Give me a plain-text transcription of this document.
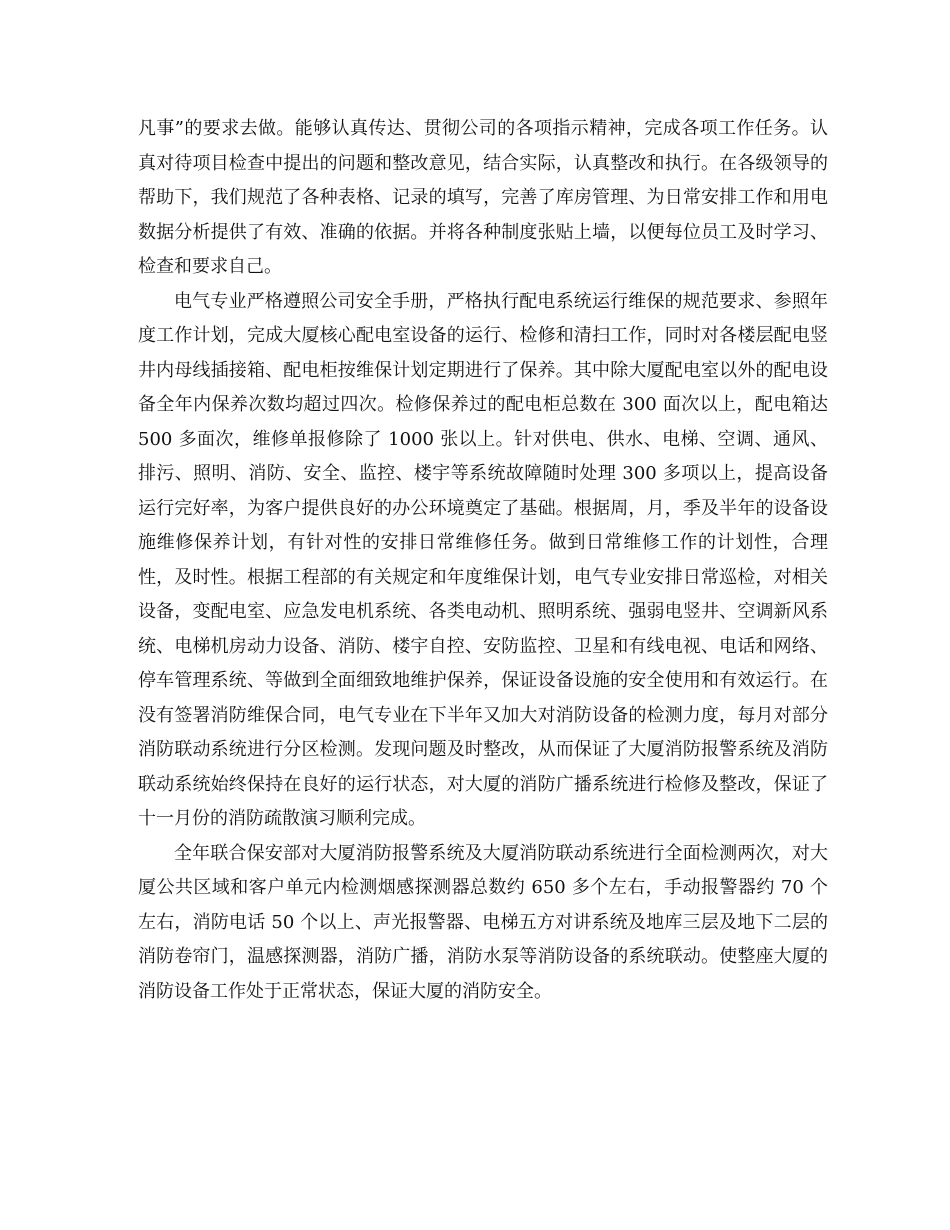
凡事”的要求去做。能够认真传达、贯彻公司的各项指示精神，完成各项工作任务。认真对待项目检查中提出的问题和整改意见，结合实际，认真整改和执行。在各级领导的帮助下，我们规范了各种表格、记录的填写，完善了库房管理、为日常安排工作和用电数据分析提供了有效、准确的依据。并将各种制度张贴上墙，以便每位员工及时学习、检查和要求自己。

电气专业严格遵照公司安全手册，严格执行配电系统运行维保的规范要求、参照年度工作计划，完成大厦核心配电室设备的运行、检修和清扫工作，同时对各楼层配电竖井内母线插接箱、配电柜按维保计划定期进行了保养。其中除大厦配电室以外的配电设备全年内保养次数均超过四次。检修保养过的配电柜总数在 300 面次以上，配电箱达 500 多面次，维修单报修除了 1000 张以上。针对供电、供水、电梯、空调、通风、排污、照明、消防、安全、监控、楼宇等系统故障随时处理 300 多项以上，提高设备运行完好率，为客户提供良好的办公环境奠定了基础。根据周，月，季及半年的设备设施维修保养计划，有针对性的安排日常维修任务。做到日常维修工作的计划性，合理性，及时性。根据工程部的有关规定和年度维保计划，电气专业安排日常巡检，对相关设备，变配电室、应急发电机系统、各类电动机、照明系统、强弱电竖井、空调新风系统、电梯机房动力设备、消防、楼宇自控、安防监控、卫星和有线电视、电话和网络、停车管理系统、等做到全面细致地维护保养，保证设备设施的安全使用和有效运行。在没有签署消防维保合同，电气专业在下半年又加大对消防设备的检测力度，每月对部分消防联动系统进行分区检测。发现问题及时整改，从而保证了大厦消防报警系统及消防联动系统始终保持在良好的运行状态，对大厦的消防广播系统进行检修及整改，保证了十一月份的消防疏散演习顺利完成。

全年联合保安部对大厦消防报警系统及大厦消防联动系统进行全面检测两次，对大厦公共区域和客户单元内检测烟感探测器总数约 650 多个左右，手动报警器约 70 个左右，消防电话 50 个以上、声光报警器、电梯五方对讲系统及地库三层及地下二层的消防卷帘门，温感探测器，消防广播，消防水泵等消防设备的系统联动。使整座大厦的消防设备工作处于正常状态，保证大厦的消防安全。
